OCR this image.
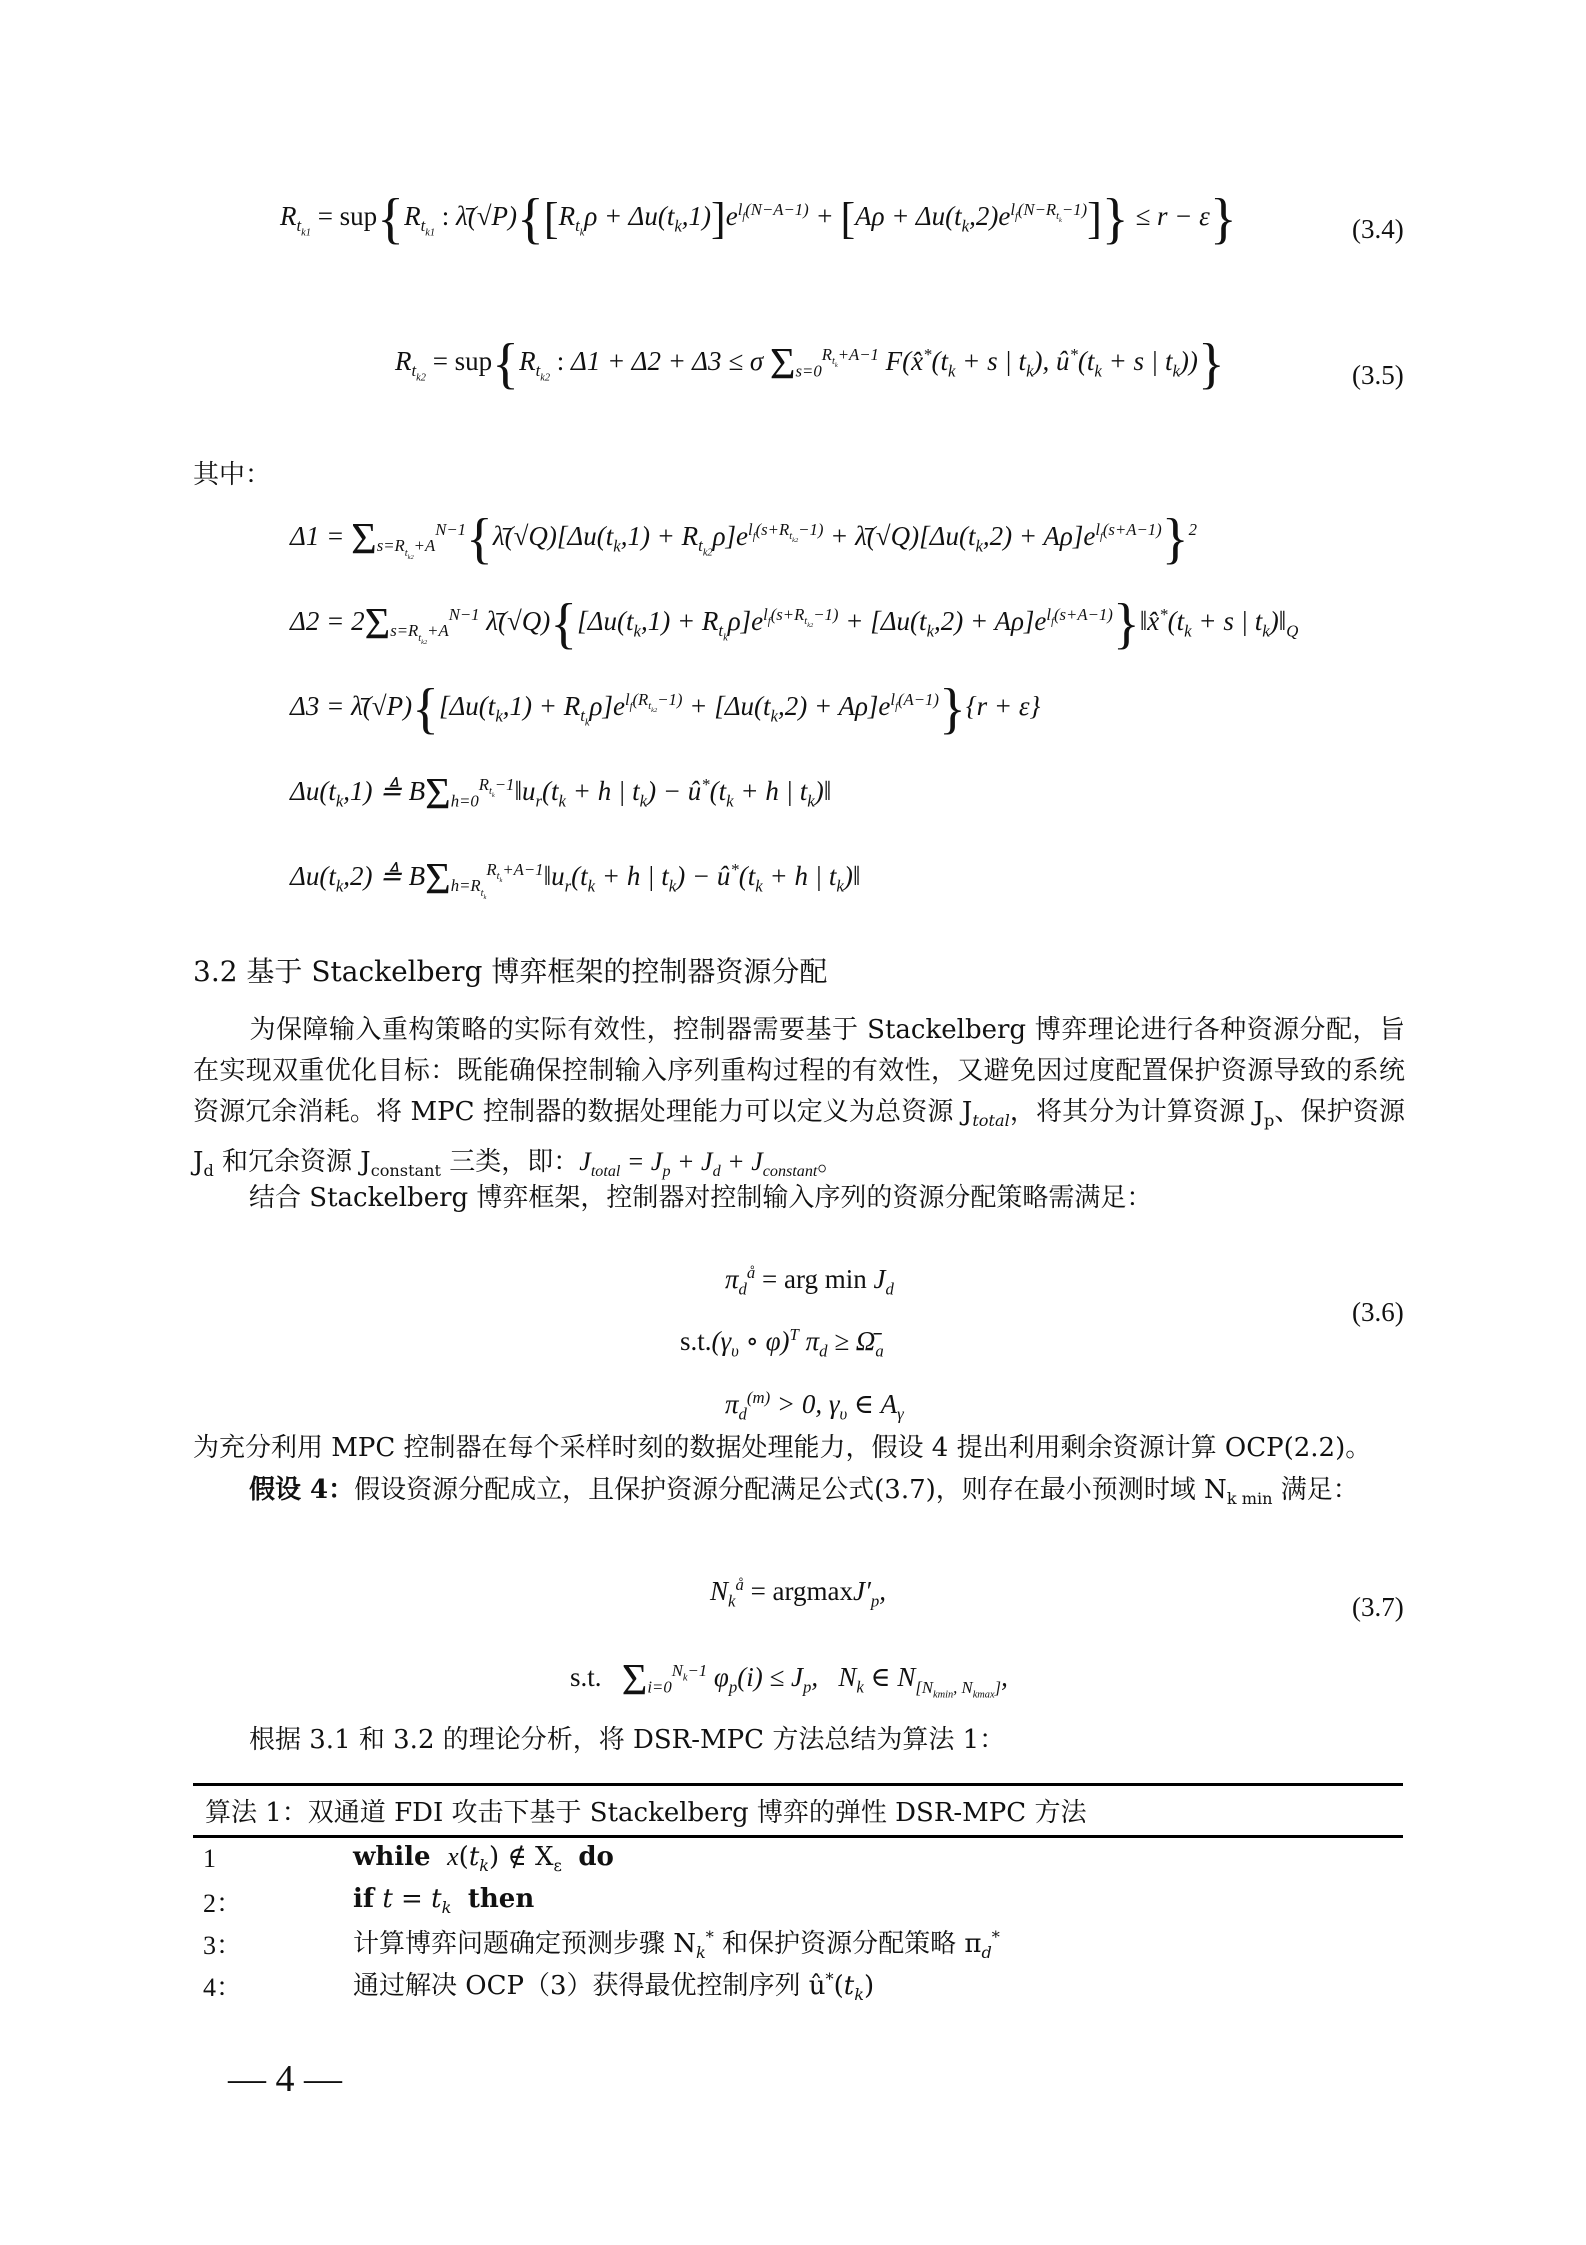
$R_{t_{k1}} = sup\{R_{t_{k1}}$ : $\lambdā(√P)\{[R_{t_k}\rho + \Delta u(t_k,1)]e^{l_f(N-A-1)} + [A\rho + \Delta u(t_k,2)e^{l_f(N-R_{t_k}-1)}]\} \le r - \varepsilon$}	(3.4)
$R_{t_{k2}} = sup\{R_{t_{k2}}$ : Δ1 + Δ2 + Δ3 ≤ σ $\Sigma_{s=0}^{R_{t_k}+A-1}$ $F(x̂^*(t_k + s$ | $t_k$), $û^*(t_k + s$ | $t_k$))}	(3.5)
其中：
$\Delta 1 = \Sigma_{s=R_{t_{k2}}+A}^{N-1}\{\lambdā(√Q)[\Delta u(t_k,1) + R_{t_{k2}}\rho]e^{l_f(s+R_{t_{k2}}-1)}$ + $\lambdā(√Q)[\Delta u(t_k,2) + A\rho]e^{l_f(s+A-1)}\}^2$
$\Delta 2 = 2\Sigma_{s=R_{t_{k2}}+A}^{N-1}$ $\lambdā(√Q)\{[\Delta u(t_k,1) + R_{t_k}\rho]e^{l_f(s+R_{t_{k2}}-1)} + [\Delta u(t_k,2)$ + $A\rho]e^{l_f(s+A-1)}\}‖x̂^*(t_k + s$ | $t_k)‖_Q$
$\Delta 3 = \lambdā(√P)\{[\Delta u(t_k,1) + R_{t_k}\rho]e^{l_f(R_{t_{k2}}-1)} + [\Delta u(t_k,2) + A\rho]e^{l_f(A-1)}\}\{r + \varepsilon\}$
$\Delta u(t_k,1)$ ≜ $B\Sigma_{h=0}^{R_{t_k}-1}‖u_r(t_k + h$ | $t_k$) − $û^*(t_k + h$ | $t_k)‖$
$\Delta u(t_k,2)$ ≜ $B\Sigma_{h=R_{t_k}}^{R_{t_k}+A-1}‖u_r(t_k + h$ | $t_k$) − $û^*(t_k + h$ | $t_k)‖$
3.2 基于 Stackelberg 博弈框架的控制器资源分配
为保障输入重构策略的实际有效性，控制器需要基于 Stackelberg 博弈理论进行各种资源分配，旨在实现双重优化目标：既能确保控制输入序列重构过程的有效性，又避免因过度配置保护资源导致的系统资源冗余消耗。将 MPC 控制器的数据处理能力可以定义为总资源 $J_{total}$，将其分为计算资源 $J_p$、保护资源 $J_d$ 和冗余资源 $J_{constant}$ 三类，即：$J_{total} = J_p + J_d + J_{constant}$。
结合 Stackelberg 博弈框架，控制器对控制输入序列的资源分配策略需满足：
$\pi_d^å$ = arg $\min J_d$
$s.t.(\gamma_\upsilon$ ∘ φ)$^T$ $\pi_d$ ≥ $\Omegā_a$
$\pi_d^{(m)} > 0$, $\gamma_\upsilon$ ∈ $A_\gamma$
(3.6)
为充分利用 MPC 控制器在每个采样时刻的数据处理能力，假设 4 提出利用剩余资源计算 OCP(2.2)。
假设 4：假设资源分配成立，且保护资源分配满足公式(3.7)，则存在最小预测时域 $N_{k min}$ 满足：
$N_k^å = argmaxJ'_p$,
s.t. $\Sigma_{i=0}^{N_k-1}$ $\varphi_p(i) \le J_p$,   $N_k$ ∈ $N_{[N_{kmin}, N_{kmax}]}$,
(3.7)
根据 3.1 和 3.2 的理论分析，将 DSR-MPC 方法总结为算法 1：
算法 1：双通道 FDI 攻击下基于 Stackelberg 博弈的弹性 DSR-MPC 方法
1	while $x(t_k)$ ∉ $X_\varepsilon$ do
2：	if $t = t_k$ then
3：	计算博弈问题确定预测步骤 $N_k^*$ 和保护资源分配策略 $\pi_d^*$
4：	通过解决 OCP（3）获得最优控制序列 $û^*(t_k)$
— 4 —
